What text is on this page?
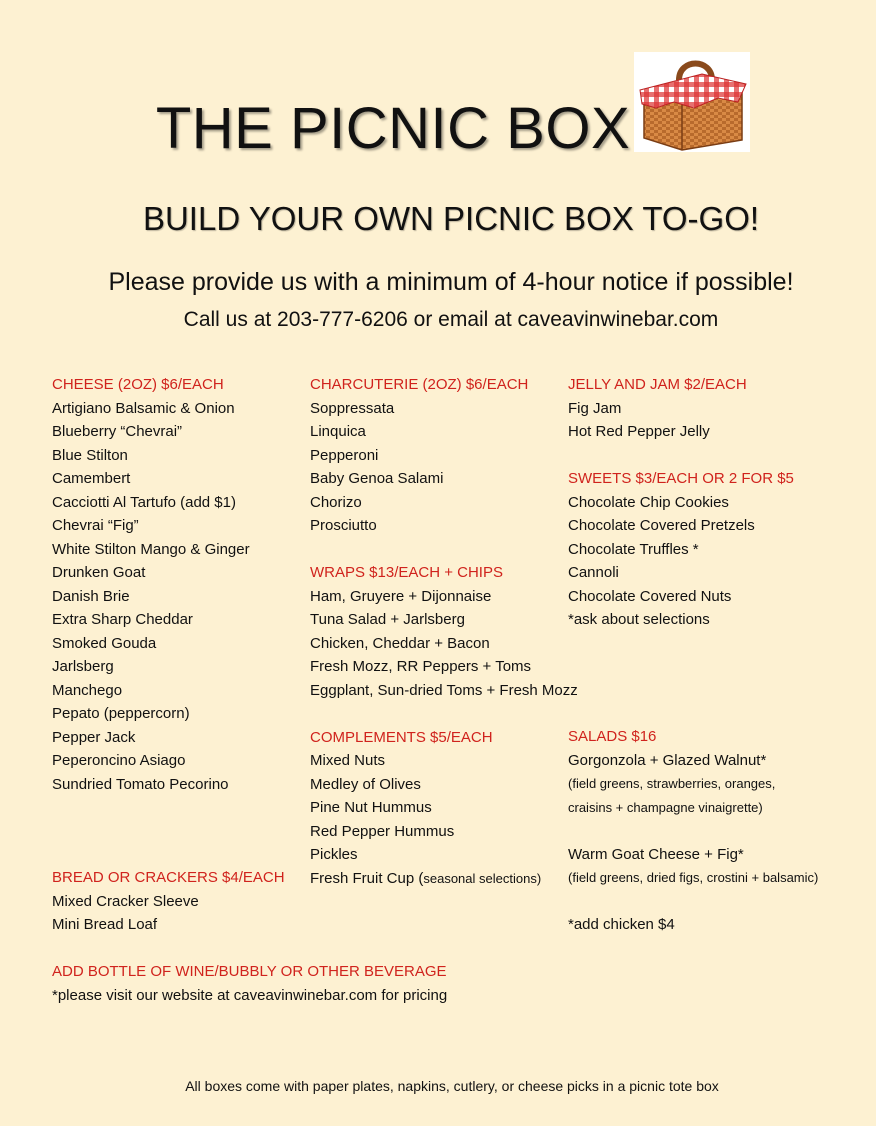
THE PICNIC BOX
BUILD YOUR OWN PICNIC BOX TO-GO!
Please provide us with a minimum of 4-hour notice if possible!
Call us at 203-777-6206 or email at caveavinwinebar.com
CHEESE (2OZ) $6/EACH
Artigiano Balsamic & Onion
Blueberry “Chevrai”
Blue Stilton
Camembert
Cacciotti Al Tartufo (add $1)
Chevrai “Fig”
White Stilton Mango & Ginger
Drunken Goat
Danish Brie
Extra Sharp Cheddar
Smoked Gouda
Jarlsberg
Manchego
Pepato (peppercorn)
Pepper Jack
Peperoncino Asiago
Sundried Tomato Pecorino
BREAD OR CRACKERS $4/EACH
Mixed Cracker Sleeve
Mini Bread Loaf
ADD BOTTLE OF WINE/BUBBLY OR OTHER BEVERAGE
*please visit our website at caveavinwinebar.com for pricing
CHARCUTERIE (2OZ) $6/EACH
Soppressata
Linquica
Pepperoni
Baby Genoa Salami
Chorizo
Prosciutto
WRAPS $13/EACH + CHIPS
Ham, Gruyere + Dijonnaise
Tuna Salad + Jarlsberg
Chicken, Cheddar + Bacon
Fresh Mozz, RR Peppers + Toms
Eggplant, Sun-dried Toms + Fresh Mozz
COMPLEMENTS $5/EACH
Mixed Nuts
Medley of Olives
Pine Nut Hummus
Red Pepper Hummus
Pickles
Fresh Fruit Cup (seasonal selections)
JELLY AND JAM $2/EACH
Fig Jam
Hot Red Pepper Jelly
SWEETS $3/EACH OR 2 FOR $5
Chocolate Chip Cookies
Chocolate Covered Pretzels
Chocolate Truffles *
Cannoli
Chocolate Covered Nuts
*ask about selections
SALADS $16
Gorgonzola + Glazed Walnut*
(field greens, strawberries, oranges,
craisins + champagne vinaigrette)
Warm Goat Cheese + Fig*
(field greens, dried figs, crostini + balsamic)
*add chicken $4
All boxes come with paper plates, napkins, cutlery, or cheese picks in a picnic tote box
